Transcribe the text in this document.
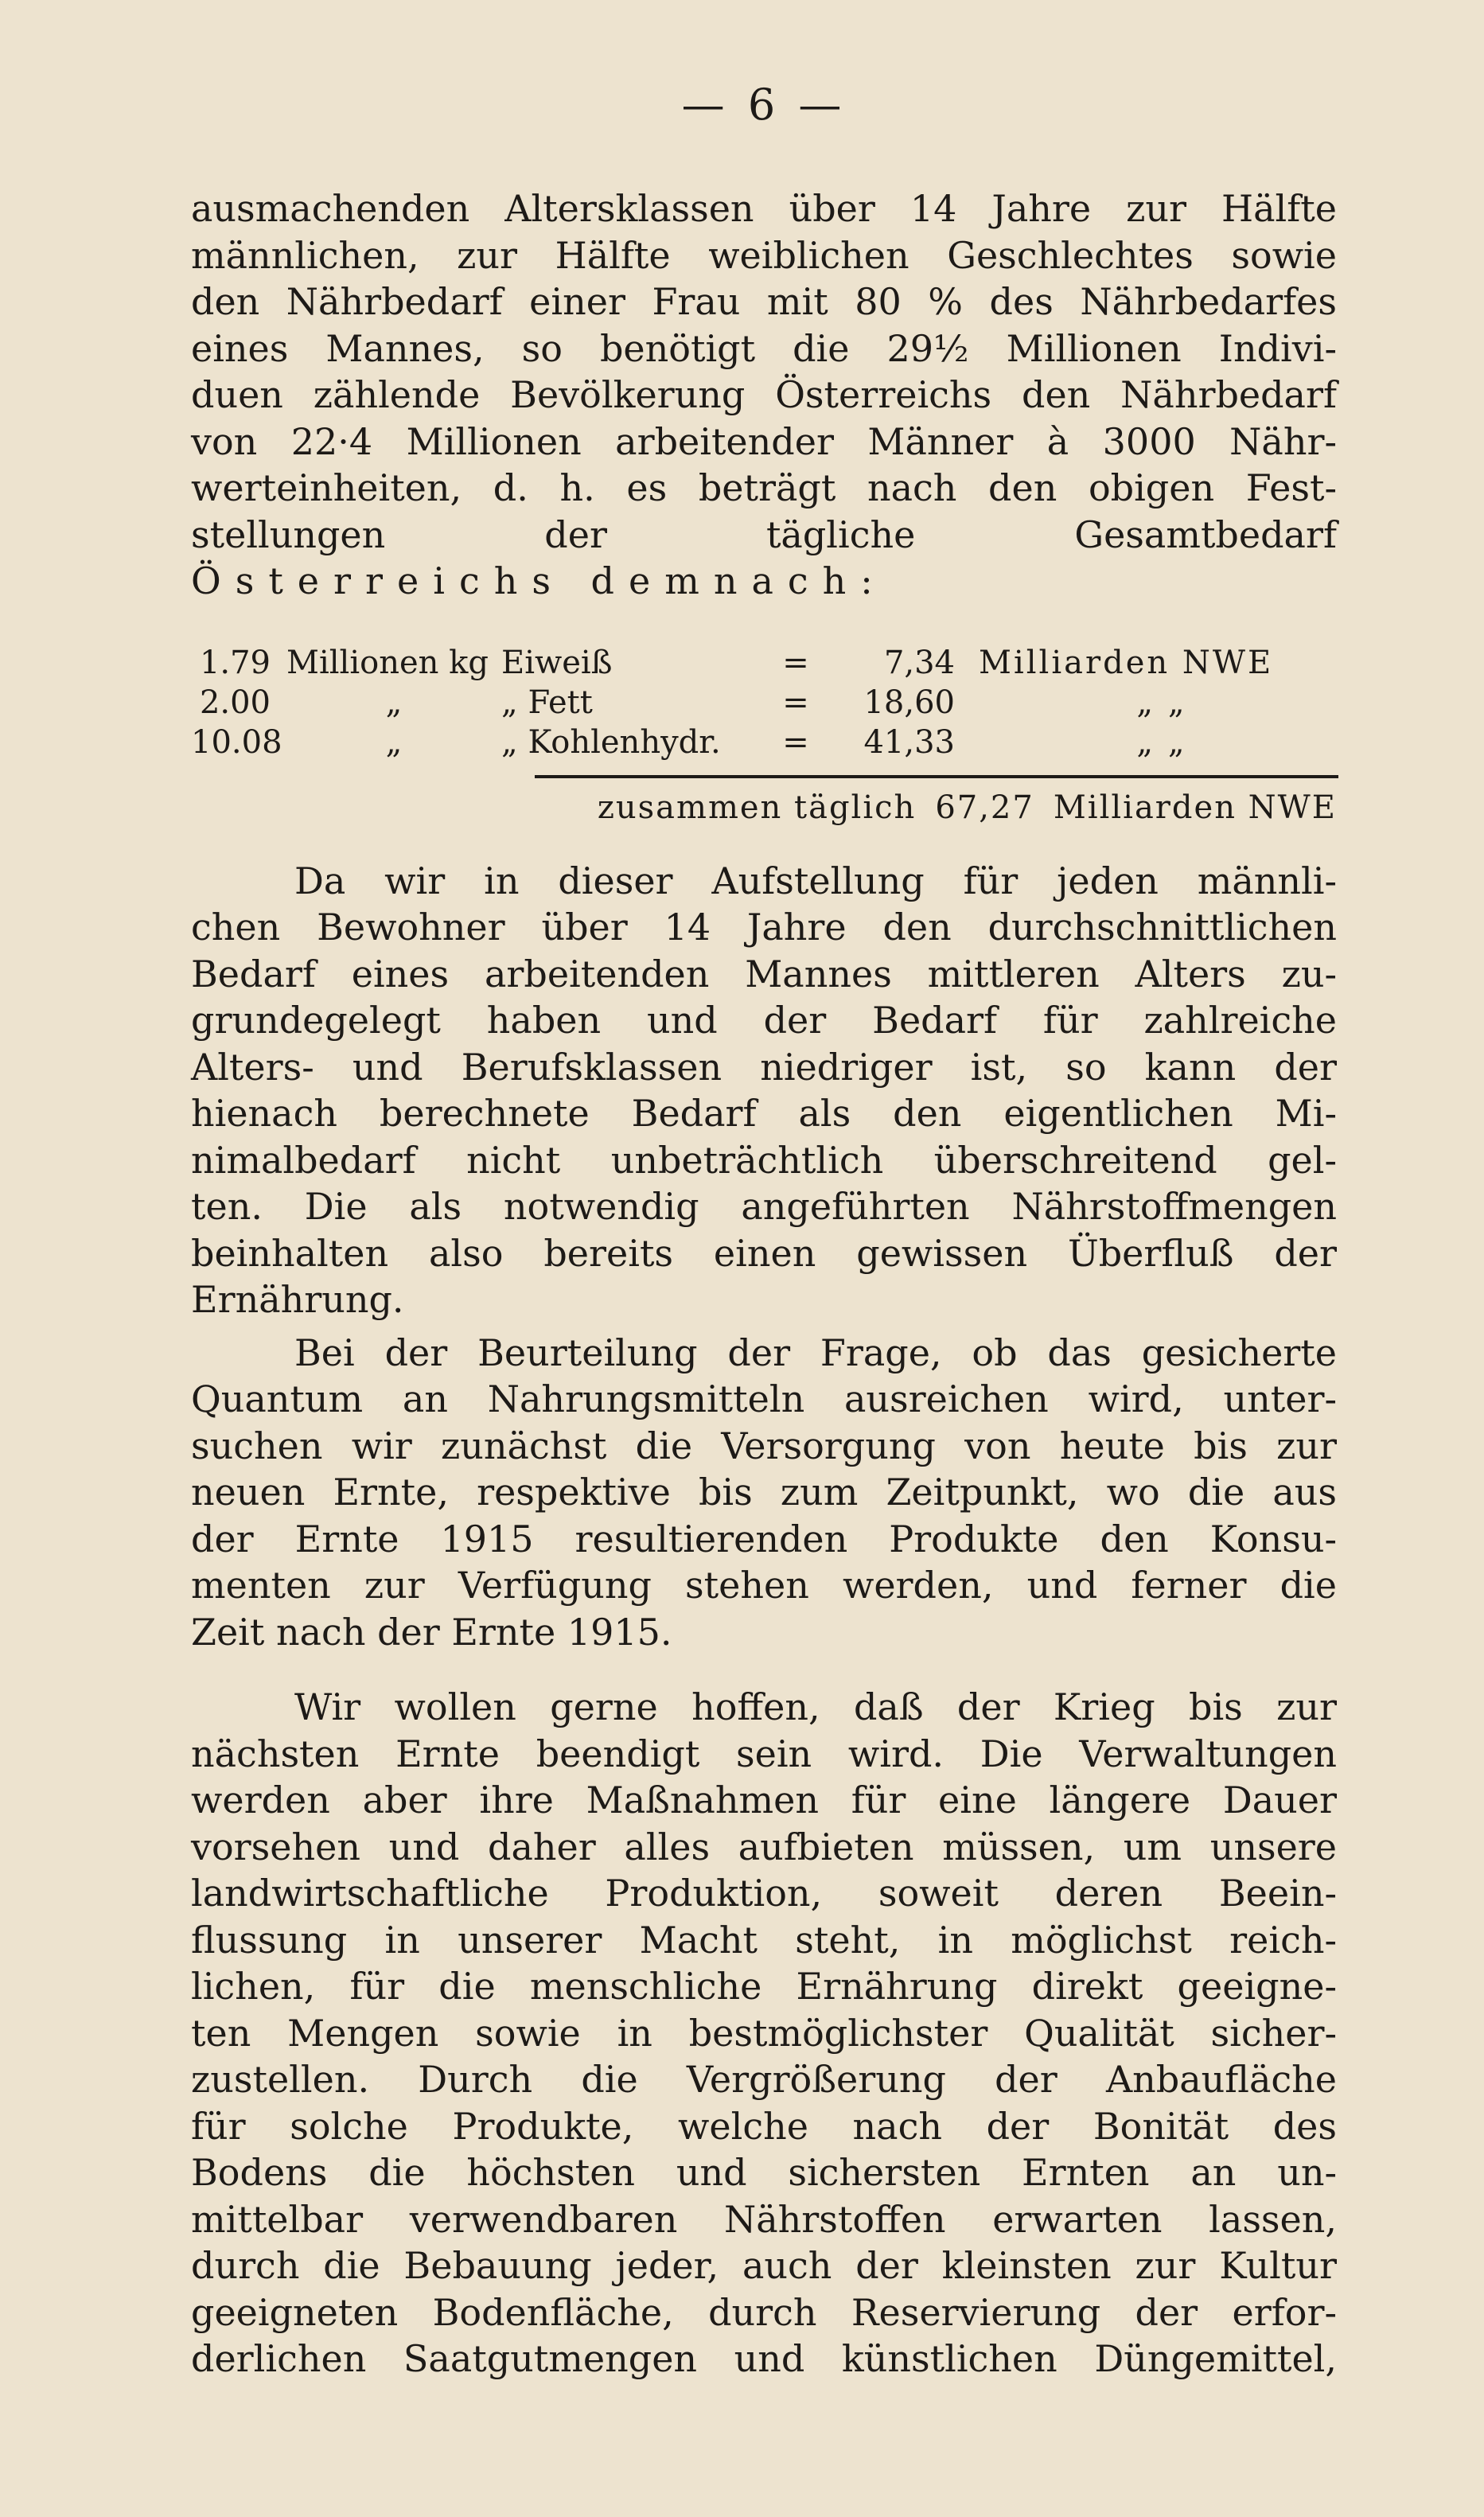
— 6 —

ausmachenden Altersklassen über 14 Jahre zur Hälfte

männlichen, zur Hälfte weiblichen Geschlechtes sowie

den Nährbedarf einer Frau mit 80 % des Nährbedarfes

eines Mannes, so benötigt die 29½ Millionen Indivi-

duen zählende Bevölkerung Österreichs den Nährbedarf

von 22·4 Millionen arbeitender Männer à 3000 Nähr-

werteinheiten, d. h. es beträgt nach den obigen Fest-

stellungen der tägliche Gesamtbedarf

Österreichs demnach:

1.79 Millionen kg Eiweiß	=	7,34 Milliarden NWE
2.00	„	„ Fett	=	18,60	„ „
10.08	„	„ Kohlenhydr.	=	41,33	„ „
zusammen täglich 67,27 Milliarden NWE

Da wir in dieser Aufstellung für jeden männli-

chen Bewohner über 14 Jahre den durchschnittlichen

Bedarf eines arbeitenden Mannes mittleren Alters zu-

grundegelegt haben und der Bedarf für zahlreiche

Alters- und Berufsklassen niedriger ist, so kann der

hienach berechnete Bedarf als den eigentlichen Mi-

nimalbedarf nicht unbeträchtlich überschreitend gel-

ten. Die als notwendig angeführten Nährstoffmengen

beinhalten also bereits einen gewissen Überfluß der

Ernährung.

Bei der Beurteilung der Frage, ob das gesicherte

Quantum an Nahrungsmitteln ausreichen wird, unter-

suchen wir zunächst die Versorgung von heute bis zur

neuen Ernte, respektive bis zum Zeitpunkt, wo die aus

der Ernte 1915 resultierenden Produkte den Konsu-

menten zur Verfügung stehen werden, und ferner die

Zeit nach der Ernte 1915.

Wir wollen gerne hoffen, daß der Krieg bis zur

nächsten Ernte beendigt sein wird. Die Verwaltungen

werden aber ihre Maßnahmen für eine längere Dauer

vorsehen und daher alles aufbieten müssen, um unsere

landwirtschaftliche Produktion, soweit deren Beein-

flussung in unserer Macht steht, in möglichst reich-

lichen, für die menschliche Ernährung direkt geeigne-

ten Mengen sowie in bestmöglichster Qualität sicher-

zustellen. Durch die Vergrößerung der Anbaufläche

für solche Produkte, welche nach der Bonität des

Bodens die höchsten und sichersten Ernten an un-

mittelbar verwendbaren Nährstoffen erwarten lassen,

durch die Bebauung jeder, auch der kleinsten zur Kultur

geeigneten Bodenfläche, durch Reservierung der erfor-

derlichen Saatgutmengen und künstlichen Düngemittel,
